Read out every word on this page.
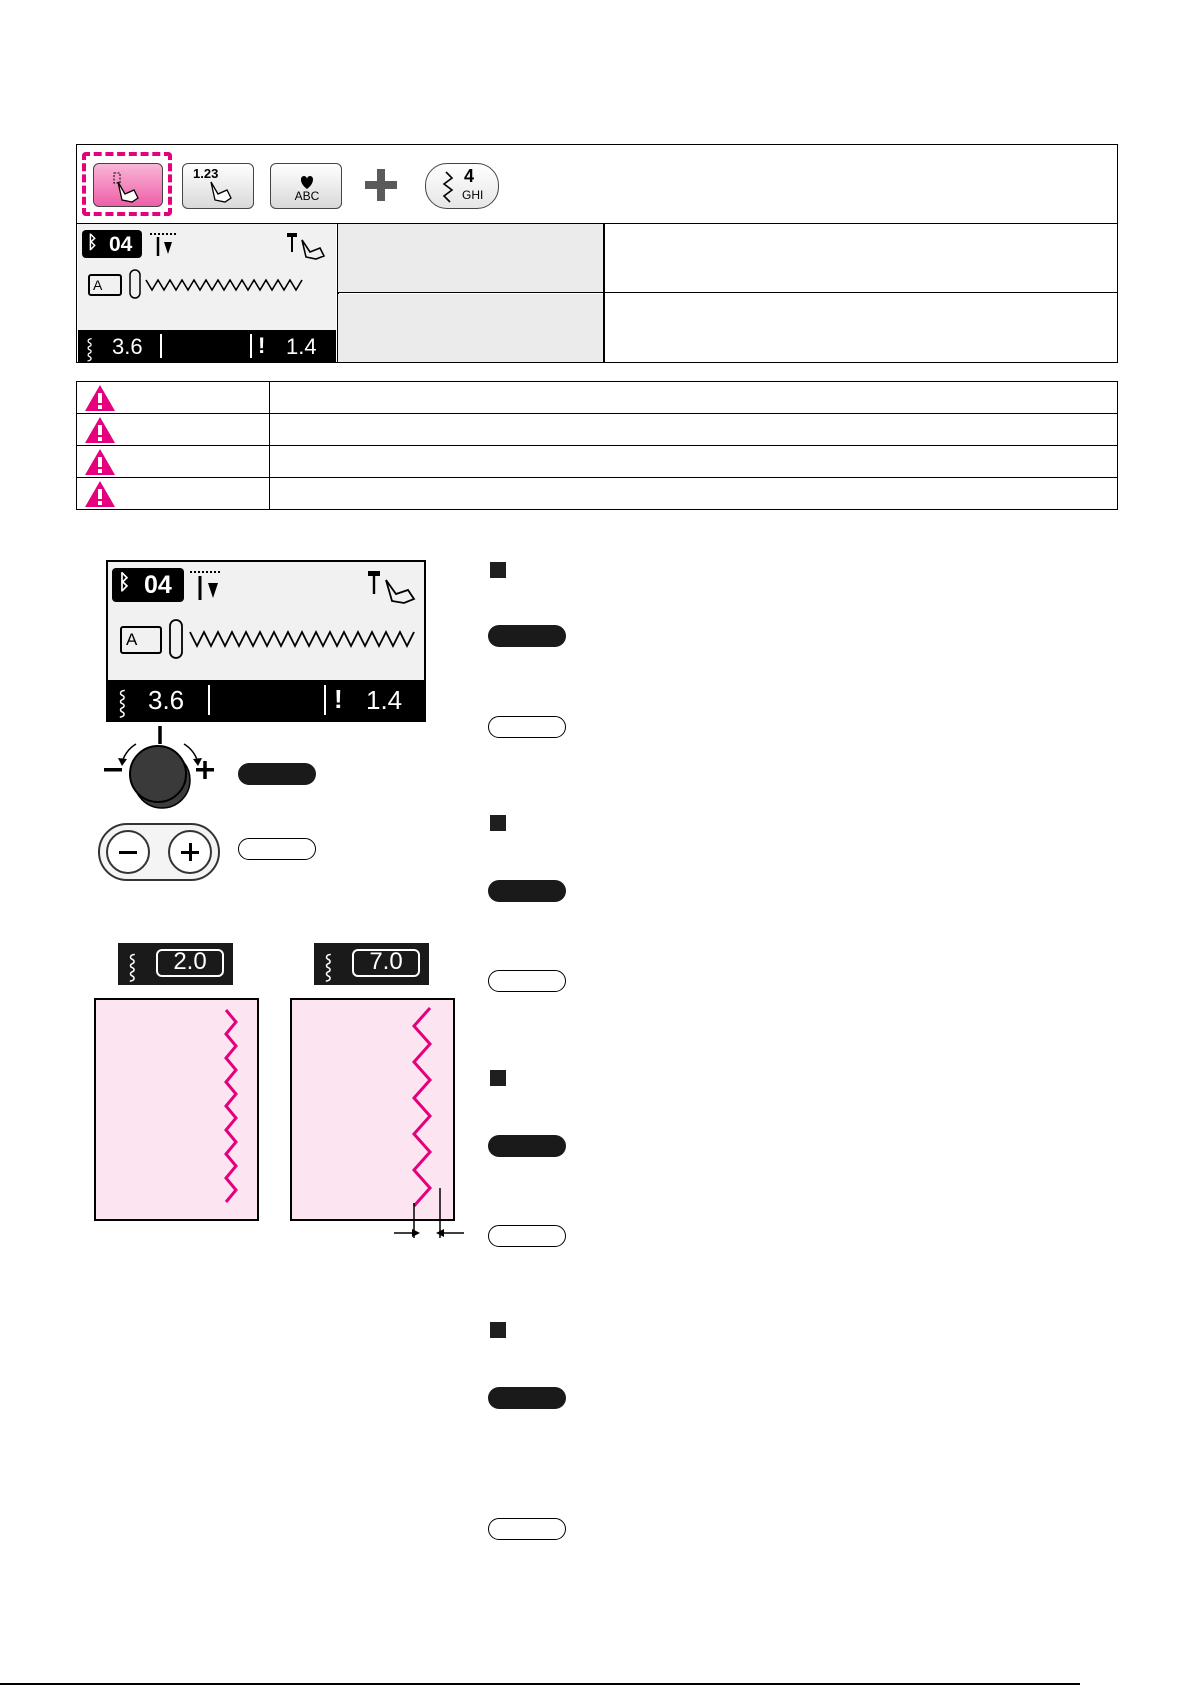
1.23
ABC
4
GHI
ᛒ 04
A
⸾ 3.6	! 1.4

ᛒ 04
A
⸾ 3.6	! 1.4
⸾	2.0	⸾	7.0
